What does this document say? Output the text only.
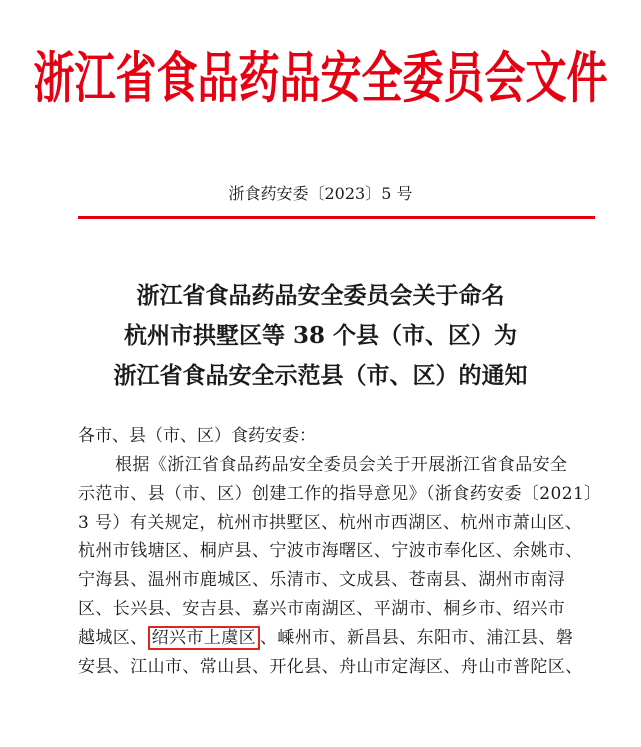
浙江省食品药品安全委员会文件
浙食药安委〔2023〕5 号
浙江省食品药品安全委员会关于命名
杭州市拱墅区等 38 个县（市、区）为
浙江省食品安全示范县（市、区）的通知
各市、县（市、区）食药安委：
根据《浙江省食品药品安全委员会关于开展浙江省食品安全
示范市、县（市、区）创建工作的指导意见》（浙食药安委〔2021〕
3 号）有关规定，杭州市拱墅区、杭州市西湖区、杭州市萧山区、
杭州市钱塘区、桐庐县、宁波市海曙区、宁波市奉化区、余姚市、
宁海县、温州市鹿城区、乐清市、文成县、苍南县、湖州市南浔
区、长兴县、安吉县、嘉兴市南湖区、平湖市、桐乡市、绍兴市
越城区、 绍兴市上虞区 、嵊州市、新昌县、东阳市、浦江县、磐
安县、江山市、常山县、开化县、舟山市定海区、舟山市普陀区、
